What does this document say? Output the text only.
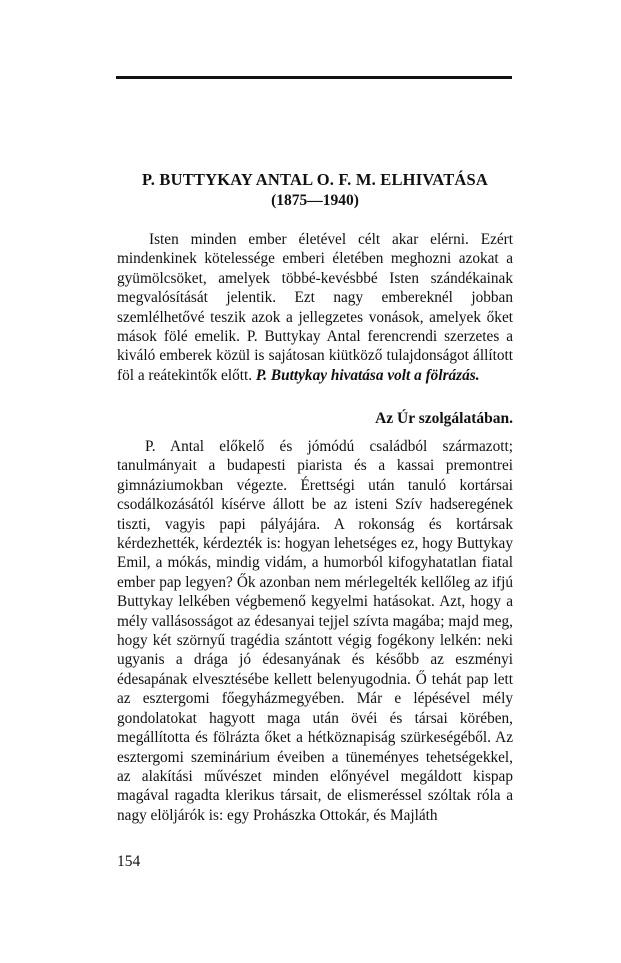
P. BUTTYKAY ANTAL O. F. M. ELHIVATÁSA
(1875—1940)

Isten minden ember életével célt akar elérni. Ezért mindenkinek kötelessége emberi életében meghozni azokat a gyümölcsöket, amelyek többé-kevésbbé Isten szándékainak megvalósítását jelentik. Ezt nagy embereknél jobban szemlélhetővé teszik azok a jellegzetes vonások, amelyek őket mások fölé emelik. P. Buttykay Antal ferencrendi szerzetes a kiváló emberek közül is sajátosan kiütköző tulajdonságot állított föl a reátekintők előtt. P. Buttykay hivatása volt a fölrázás.

Az Úr szolgálatában.

P. Antal előkelő és jómódú családból származott; tanulmányait a budapesti piarista és a kassai premontrei gimnáziumokban végezte. Érettségi után tanuló kortársai csodálkozásától kísérve állott be az isteni Szív hadseregének tiszti, vagyis papi pályájára. A rokonság és kortársak kérdezhették, kérdezték is: hogyan lehetséges ez, hogy Buttykay Emil, a mókás, mindig vidám, a humorból kifogyhatatlan fiatal ember pap legyen? Ők azonban nem mérlegelték kellőleg az ifjú Buttykay lelkében végbemenő kegyelmi hatásokat. Azt, hogy a mély vallásosságot az édesanyai tejjel szívta magába; majd meg, hogy két szörnyű tragédia szántott végig fogékony lelkén: neki ugyanis a drága jó édesanyának és később az eszményi édesapának elvesztésébe kellett belenyugodnia. Ő tehát pap lett az esztergomi főegyházmegyében. Már e lépésével mély gondolatokat hagyott maga után övéi és társai körében, megállította és fölrázta őket a hétköznapiság szürkeségéből. Az esztergomi szeminárium éveiben a tüneményes tehetségekkel, az alakítási művészet minden előnyével megáldott kispap magával ragadta klerikus társait, de elismeréssel szóltak róla a nagy elöljárók is: egy Prohászka Ottokár, és Majláth

154
